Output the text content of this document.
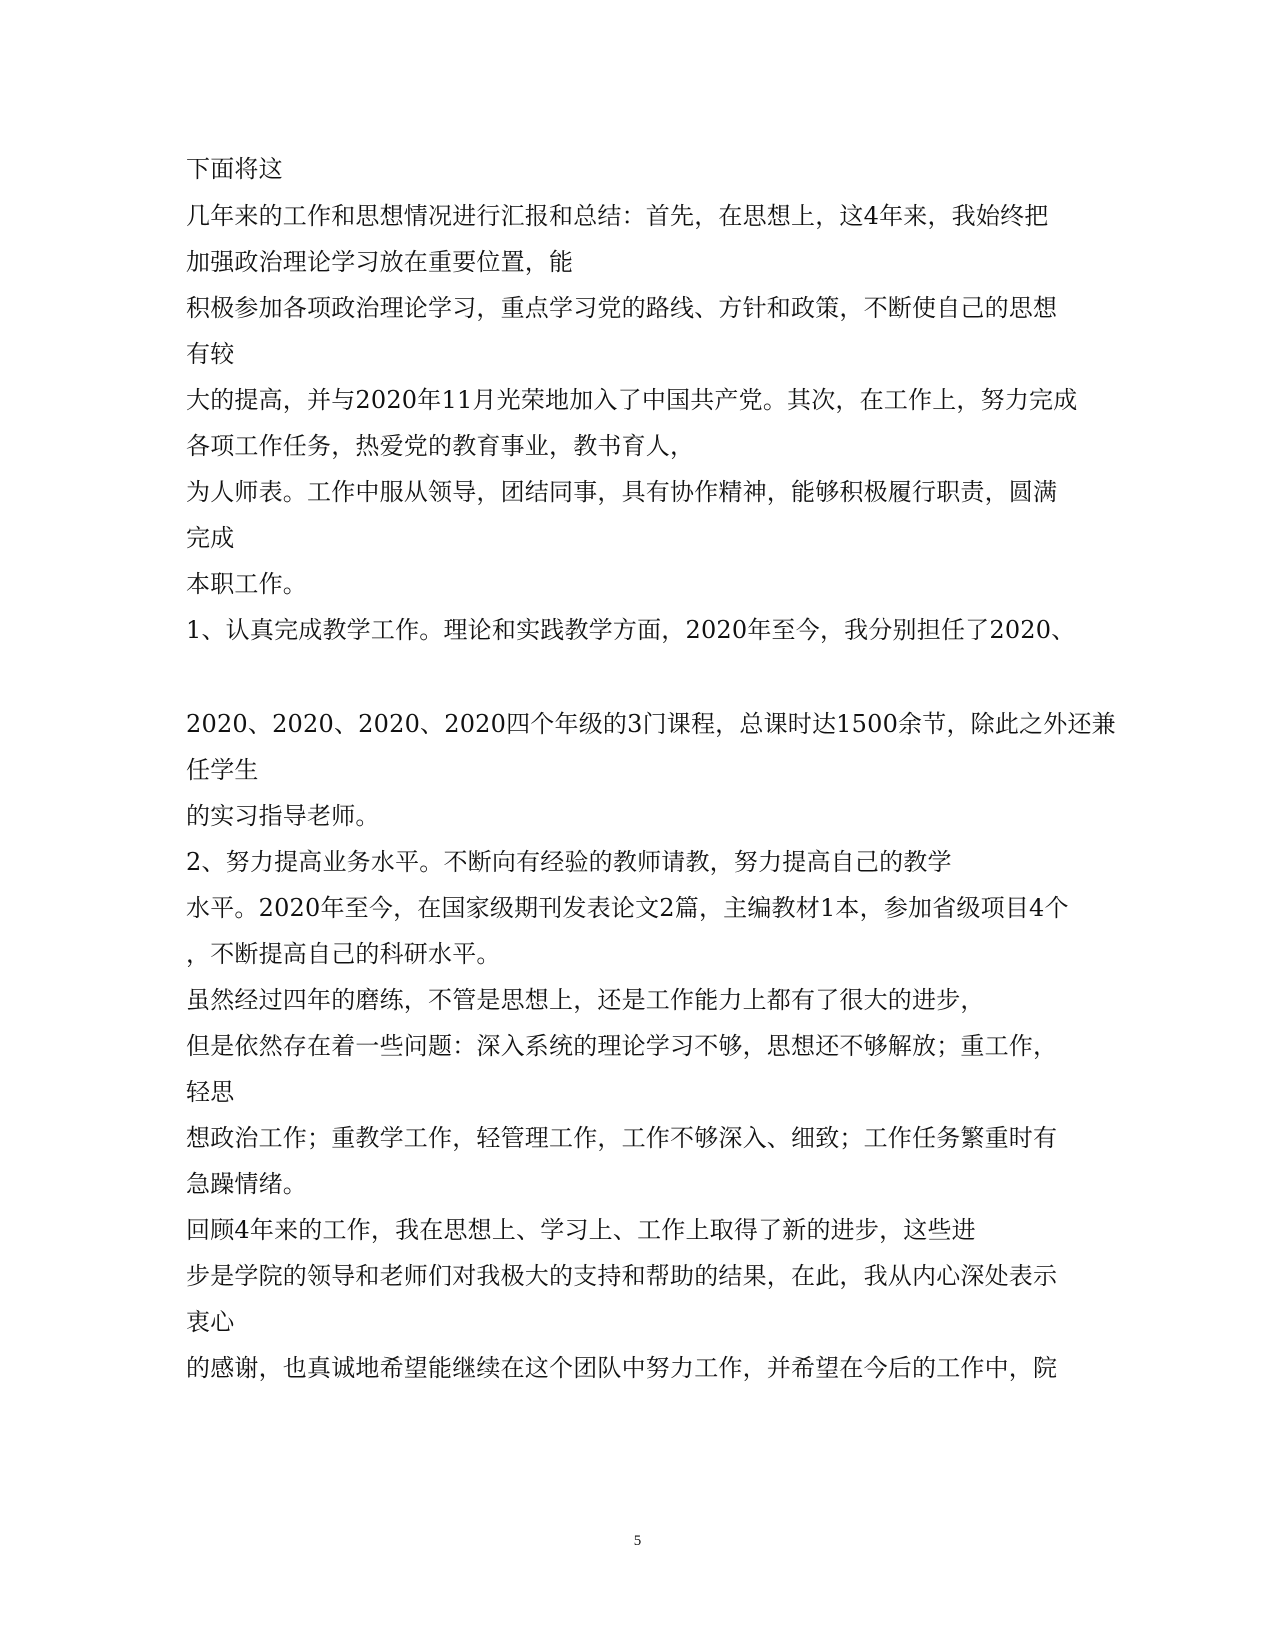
下面将这
几年来的工作和思想情况进行汇报和总结：首先，在思想上，这4年来，我始终把
加强政治理论学习放在重要位置，能
积极参加各项政治理论学习，重点学习党的路线、方针和政策，不断使自己的思想
有较
大的提高，并与2020年11月光荣地加入了中国共产党。其次，在工作上，努力完成
各项工作任务，热爱党的教育事业，教书育人，
为人师表。工作中服从领导，团结同事，具有协作精神，能够积极履行职责，圆满
完成
本职工作。
1、认真完成教学工作。理论和实践教学方面，2020年至今，我分别担任了2020、
2020、2020、2020、2020四个年级的3门课程，总课时达1500余节，除此之外还兼
任学生
的实习指导老师。
2、努力提高业务水平。不断向有经验的教师请教，努力提高自己的教学
水平。2020年至今，在国家级期刊发表论文2篇，主编教材1本，参加省级项目4个
，不断提高自己的科研水平。
虽然经过四年的磨练，不管是思想上，还是工作能力上都有了很大的进步，
但是依然存在着一些问题：深入系统的理论学习不够，思想还不够解放；重工作，
轻思
想政治工作；重教学工作，轻管理工作，工作不够深入、细致；工作任务繁重时有
急躁情绪。
回顾4年来的工作，我在思想上、学习上、工作上取得了新的进步，这些进
步是学院的领导和老师们对我极大的支持和帮助的结果，在此，我从内心深处表示
衷心
的感谢，也真诚地希望能继续在这个团队中努力工作，并希望在今后的工作中，院
5
